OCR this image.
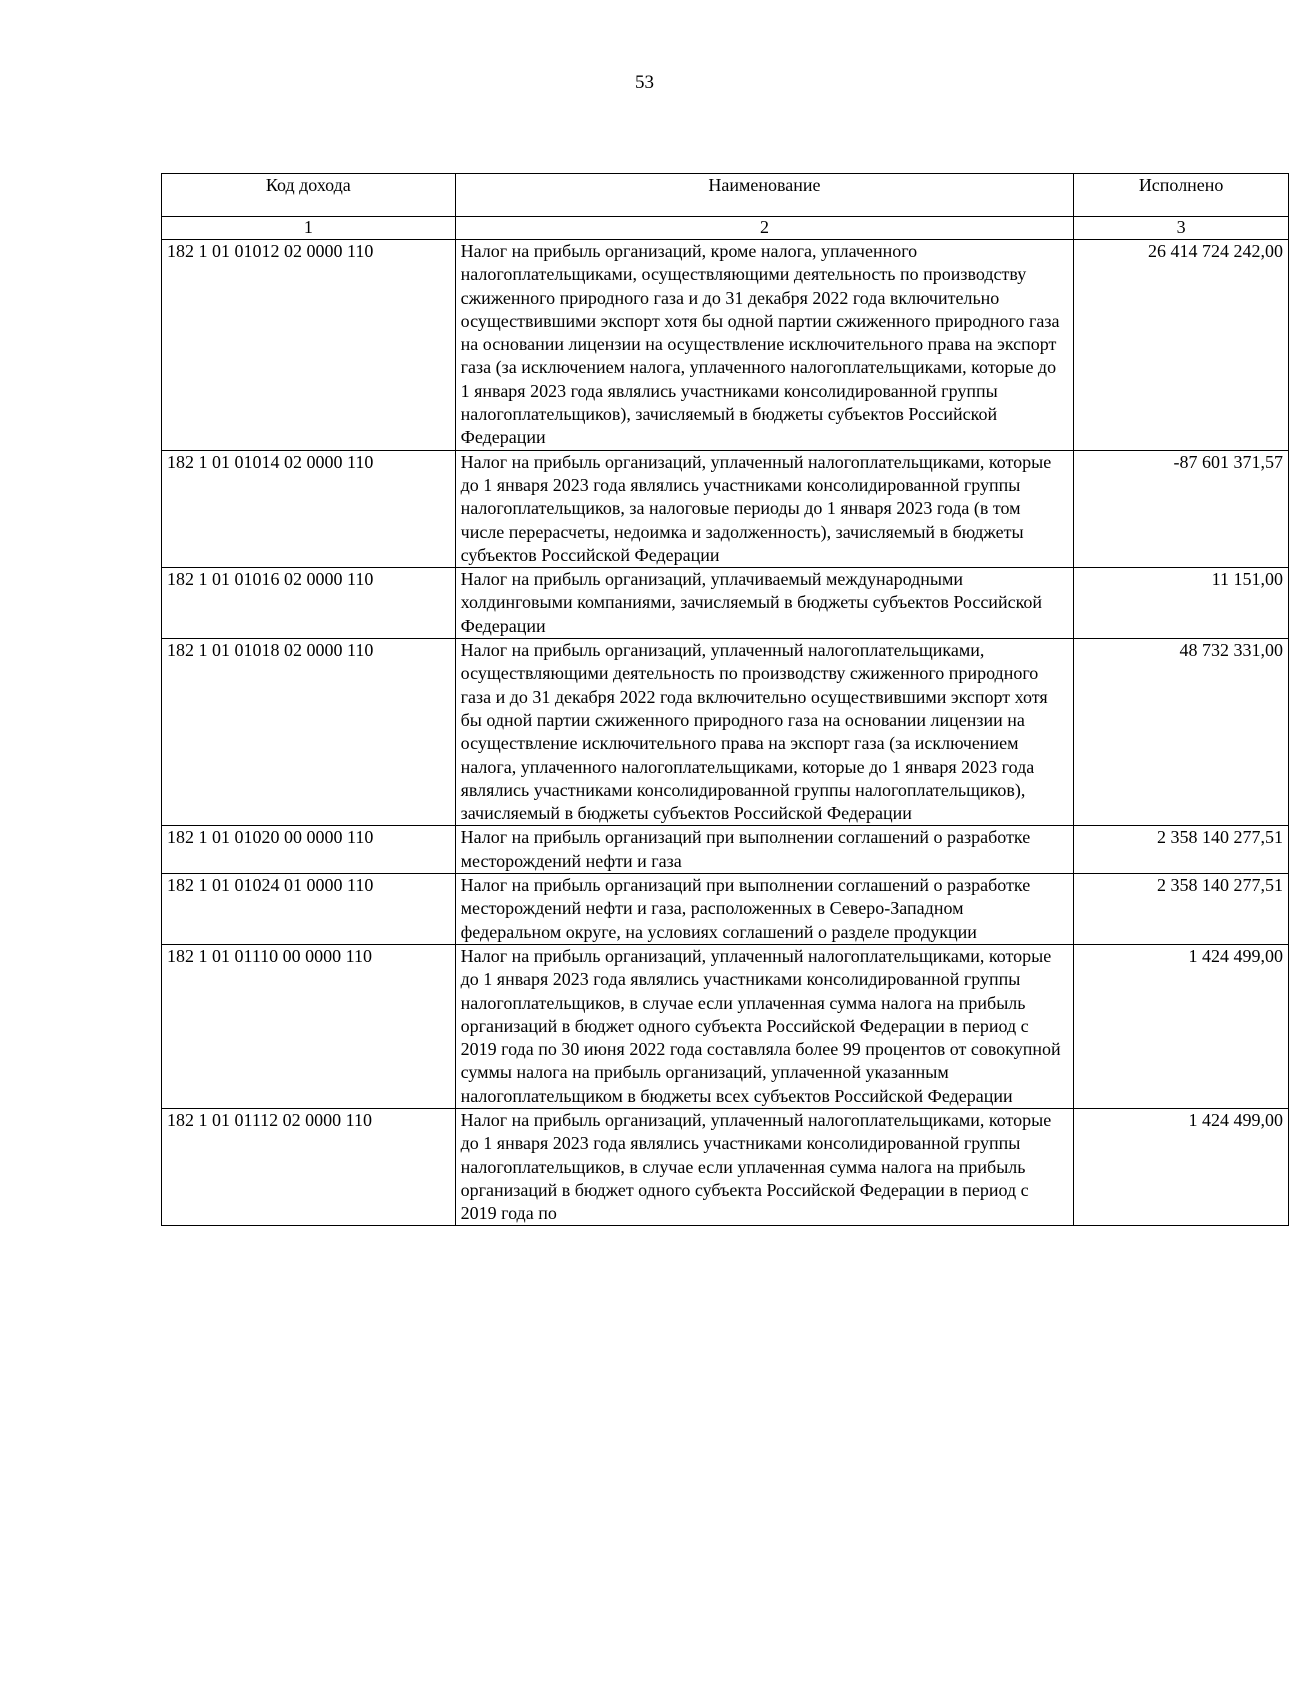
53
Код дохода	Наименование	Исполнено
1	2	3
182 1 01 01012 02 0000 110	Налог на прибыль организаций, кроме налога, уплаченного налогоплательщиками, осуществляющими деятельность по производству сжиженного природного газа и до 31 декабря 2022 года включительно осуществившими экспорт хотя бы одной партии сжиженного природного газа на основании лицензии на осуществление исключительного права на экспорт газа (за исключением налога, уплаченного налогоплательщиками, которые до 1 января 2023 года являлись участниками консолидированной группы налогоплательщиков), зачисляемый в бюджеты субъектов Российской Федерации	26 414 724 242,00
182 1 01 01014 02 0000 110	Налог на прибыль организаций, уплаченный налогоплательщиками, которые до 1 января 2023 года являлись участниками консолидированной группы налогоплательщиков, за налоговые периоды до 1 января 2023 года (в том числе перерасчеты, недоимка и задолженность), зачисляемый в бюджеты субъектов Российской Федерации	-87 601 371,57
182 1 01 01016 02 0000 110	Налог на прибыль организаций, уплачиваемый международными холдинговыми компаниями, зачисляемый в бюджеты субъектов Российской Федерации	11 151,00
182 1 01 01018 02 0000 110	Налог на прибыль организаций, уплаченный налогоплательщиками, осуществляющими деятельность по производству сжиженного природного газа и до 31 декабря 2022 года включительно осуществившими экспорт хотя бы одной партии сжиженного природного газа на основании лицензии на осуществление исключительного права на экспорт газа (за исключением налога, уплаченного налогоплательщиками, которые до 1 января 2023 года являлись участниками консолидированной группы налогоплательщиков), зачисляемый в бюджеты субъектов Российской Федерации	48 732 331,00
182 1 01 01020 00 0000 110	Налог на прибыль организаций при выполнении соглашений о разработке месторождений нефти и газа	2 358 140 277,51
182 1 01 01024 01 0000 110	Налог на прибыль организаций при выполнении соглашений о разработке месторождений нефти и газа, расположенных в Северо-Западном федеральном округе, на условиях соглашений о разделе продукции	2 358 140 277,51
182 1 01 01110 00 0000 110	Налог на прибыль организаций, уплаченный налогоплательщиками, которые до 1 января 2023 года являлись участниками консолидированной группы налогоплательщиков, в случае если уплаченная сумма налога на прибыль организаций в бюджет одного субъекта Российской Федерации в период с 2019 года по 30 июня 2022 года составляла более 99 процентов от совокупной суммы налога на прибыль организаций, уплаченной указанным налогоплательщиком в бюджеты всех субъектов Российской Федерации	1 424 499,00
182 1 01 01112 02 0000 110	Налог на прибыль организаций, уплаченный налогоплательщиками, которые до 1 января 2023 года являлись участниками консолидированной группы налогоплательщиков, в случае если уплаченная сумма налога на прибыль организаций в бюджет одного субъекта Российской Федерации в период с 2019 года по	1 424 499,00
